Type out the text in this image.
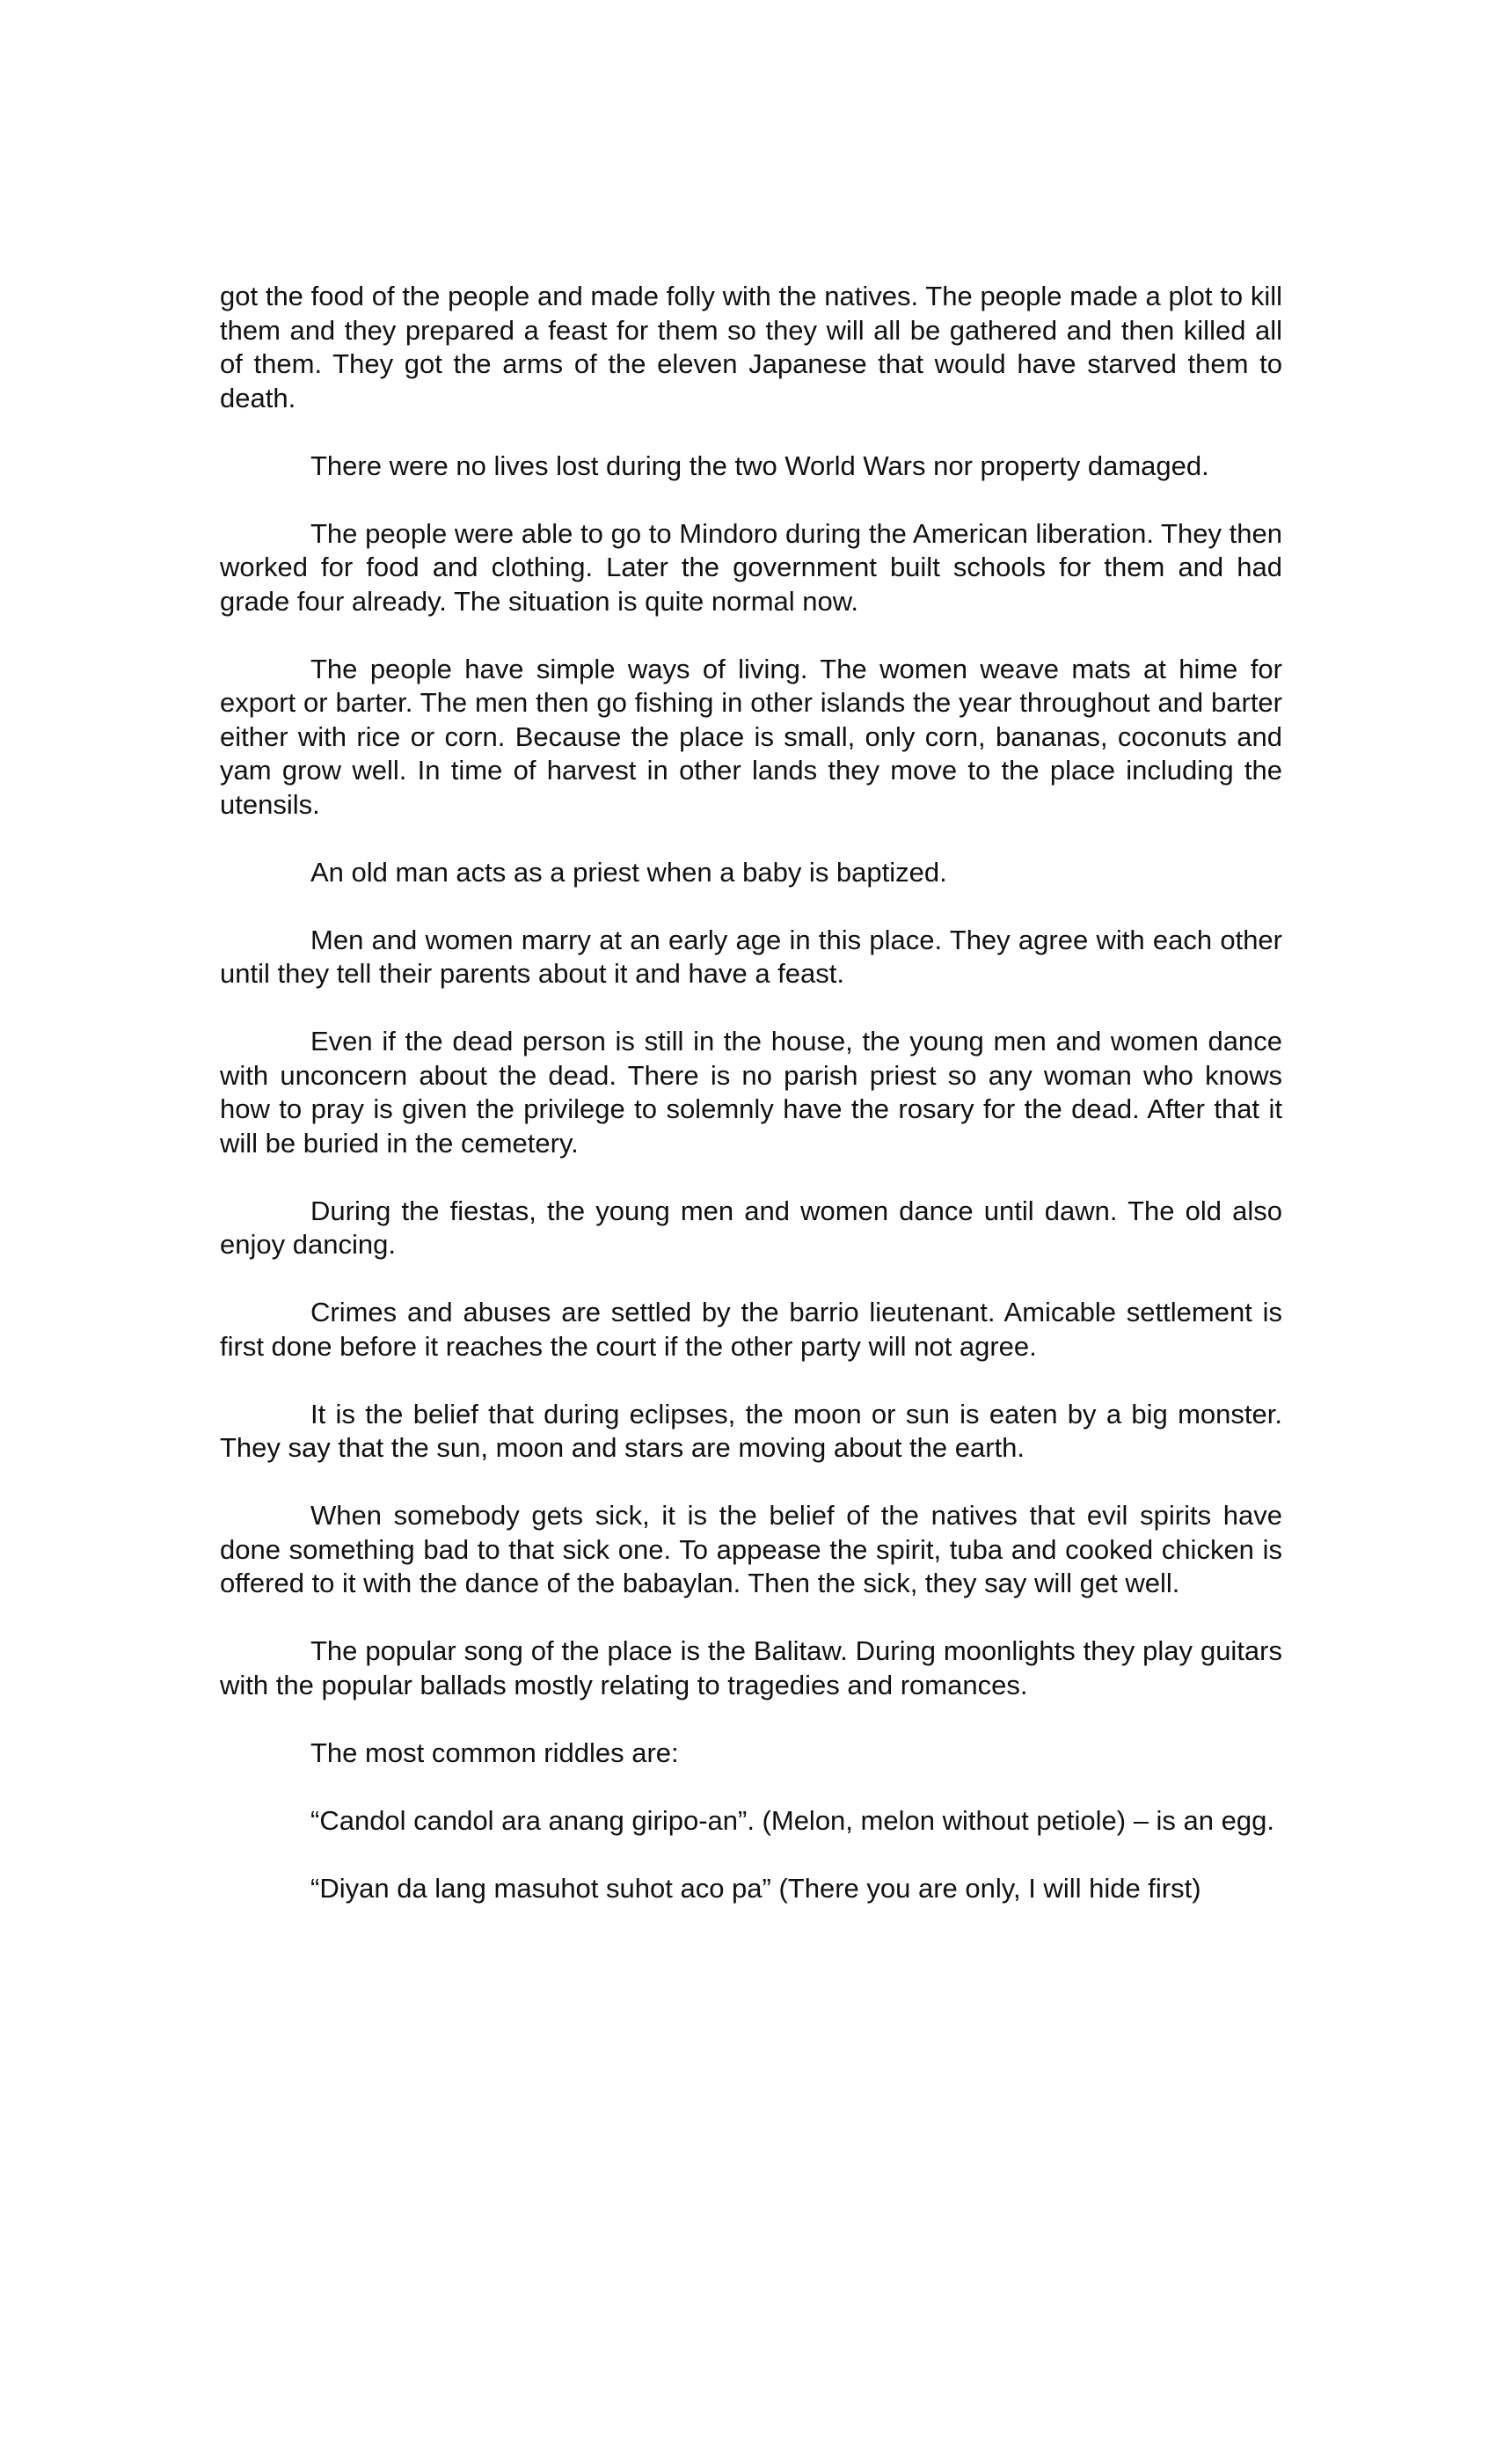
got the food of the people and made folly with the natives. The people made a plot to kill them and they prepared a feast for them so they will all be gathered and then killed all of them. They got the arms of the eleven Japanese that would have starved them to death.

There were no lives lost during the two World Wars nor property damaged.

The people were able to go to Mindoro during the American liberation. They then worked for food and clothing. Later the government built schools for them and had grade four already. The situation is quite normal now.

The people have simple ways of living. The women weave mats at hime for export or barter. The men then go fishing in other islands the year throughout and barter either with rice or corn. Because the place is small, only corn, bananas, coconuts and yam grow well. In time of harvest in other lands they move to the place including the utensils.

An old man acts as a priest when a baby is baptized.

Men and women marry at an early age in this place. They agree with each other until they tell their parents about it and have a feast.

Even if the dead person is still in the house, the young men and women dance with unconcern about the dead. There is no parish priest so any woman who knows how to pray is given the privilege to solemnly have the rosary for the dead. After that it will be buried in the cemetery.

During the fiestas, the young men and women dance until dawn. The old also enjoy dancing.

Crimes and abuses are settled by the barrio lieutenant. Amicable settlement is first done before it reaches the court if the other party will not agree.

It is the belief that during eclipses, the moon or sun is eaten by a big monster. They say that the sun, moon and stars are moving about the earth.

When somebody gets sick, it is the belief of the natives that evil spirits have done something bad to that sick one. To appease the spirit, tuba and cooked chicken is offered to it with the dance of the babaylan. Then the sick, they say will get well.

The popular song of the place is the Balitaw. During moonlights they play guitars with the popular ballads mostly relating to tragedies and romances.

The most common riddles are:

“Candol candol ara anang giripo-an”. (Melon, melon without petiole) – is an egg.

“Diyan da lang masuhot suhot aco pa” (There you are only, I will hide first)
